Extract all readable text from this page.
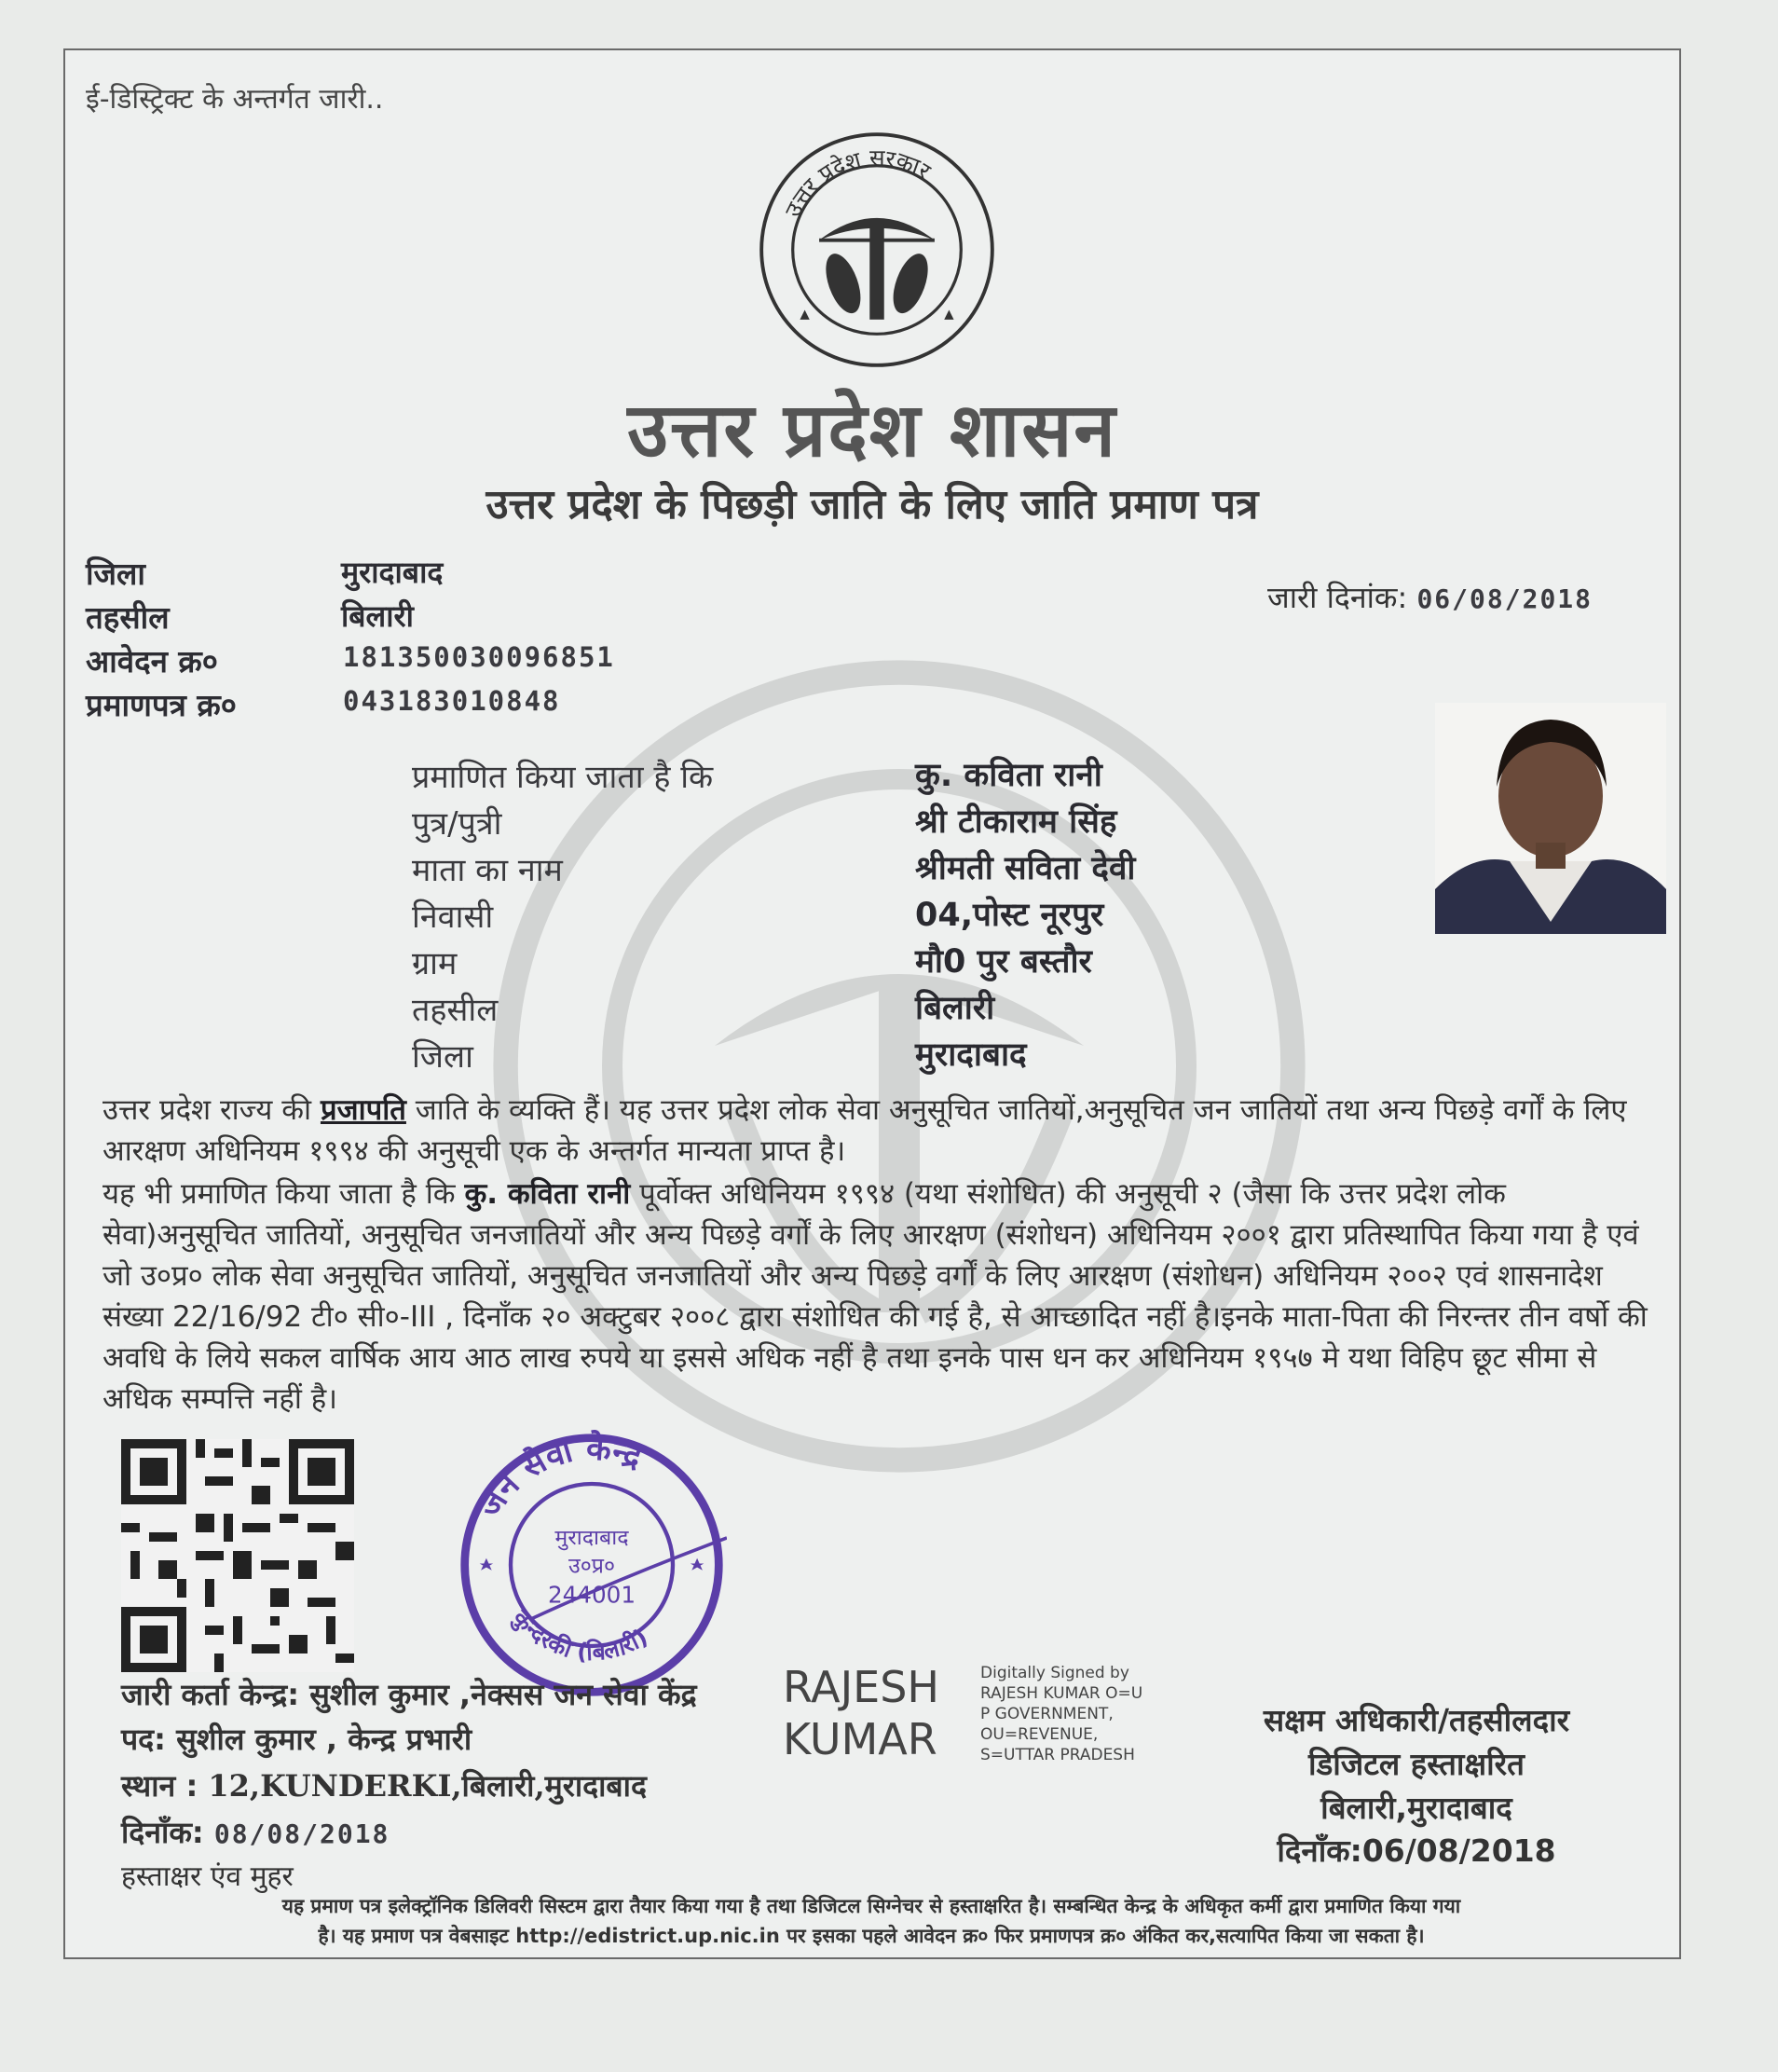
ई-डिस्ट्रिक्ट के अन्तर्गत जारी..
उत्तर प्रदेश सरकार
उत्तर प्रदेश शासन
उत्तर प्रदेश के पिछड़ी जाति के लिए जाति प्रमाण पत्र
जिला	मुरादाबाद
तहसील	बिलारी
आवेदन क्र०	181350030096851
प्रमाणपत्र क्र०	043183010848
जारी दिनांक: 06/08/2018
प्रमाणित किया जाता है कि	कु. कविता रानी
पुत्र/पुत्री	श्री टीकाराम सिंह
माता का नाम	श्रीमती सविता देवी
निवासी	04,पोस्ट नूरपुर
ग्राम	मौ0 पुर बस्तौर
तहसील	बिलारी
जिला	मुरादाबाद
उत्तर प्रदेश राज्य की प्रजापति जाति के व्यक्ति हैं। यह उत्तर प्रदेश लोक सेवा अनुसूचित जातियों,अनुसूचित जन जातियों तथा अन्य पिछड़े वर्गों के लिए आरक्षण अधिनियम १९९४ की अनुसूची एक के अन्तर्गत मान्यता प्राप्त है।
यह भी प्रमाणित किया जाता है कि कु. कविता रानी पूर्वोक्त अधिनियम १९९४ (यथा संशोधित) की अनुसूची २ (जैसा कि उत्तर प्रदेश लोक सेवा)अनुसूचित जातियों, अनुसूचित जनजातियों और अन्य पिछड़े वर्गों के लिए आरक्षण (संशोधन) अधिनियम २००१ द्वारा प्रतिस्थापित किया गया है एवं जो उ०प्र० लोक सेवा अनुसूचित जातियों, अनुसूचित जनजातियों और अन्य पिछड़े वर्गों के लिए आरक्षण (संशोधन) अधिनियम २००२ एवं शासनादेश संख्या 22/16/92 टी० सी०-III , दिनाँक २० अक्टुबर २००८ द्वारा संशोधित की गई है, से आच्छादित नहीं है।इनके माता-पिता की निरन्तर तीन वर्षो की अवधि के लिये सकल वार्षिक आय आठ लाख रुपये या इससे अधिक नहीं है तथा इनके पास धन कर अधिनियम १९५७ मे यथा विहिप छूट सीमा से अधिक सम्पत्ति नहीं है।
जन सेवा केन्द्र
कुन्दरकी (बिलारी)
मुरादाबाद
उ०प्र०
244001
जारी कर्ता केन्द्र: सुशील कुमार ,नेक्सस जन सेवा केंद्र
पद: सुशील कुमार , केन्द्र प्रभारी
स्थान : 12,KUNDERKI,बिलारी,मुरादाबाद
दिनाँक: 08/08/2018
हस्ताक्षर एंव मुहर
RAJESH
KUMAR
Digitally Signed by
RAJESH KUMAR O=U
P GOVERNMENT,
OU=REVENUE,
S=UTTAR PRADESH
सक्षम अधिकारी/तहसीलदार
डिजिटल हस्ताक्षरित
बिलारी,मुरादाबाद
दिनाँक:06/08/2018
यह प्रमाण पत्र इलेक्ट्रॉनिक डिलिवरी सिस्टम द्वारा तैयार किया गया है तथा डिजिटल सिग्नेचर से हस्ताक्षरित है। सम्बन्धित केन्द्र के अधिकृत कर्मी द्वारा प्रमाणित किया गया
है। यह प्रमाण पत्र वेबसाइट http://edistrict.up.nic.in पर इसका पहले आवेदन क्र० फिर प्रमाणपत्र क्र० अंकित कर,सत्यापित किया जा सकता है।
